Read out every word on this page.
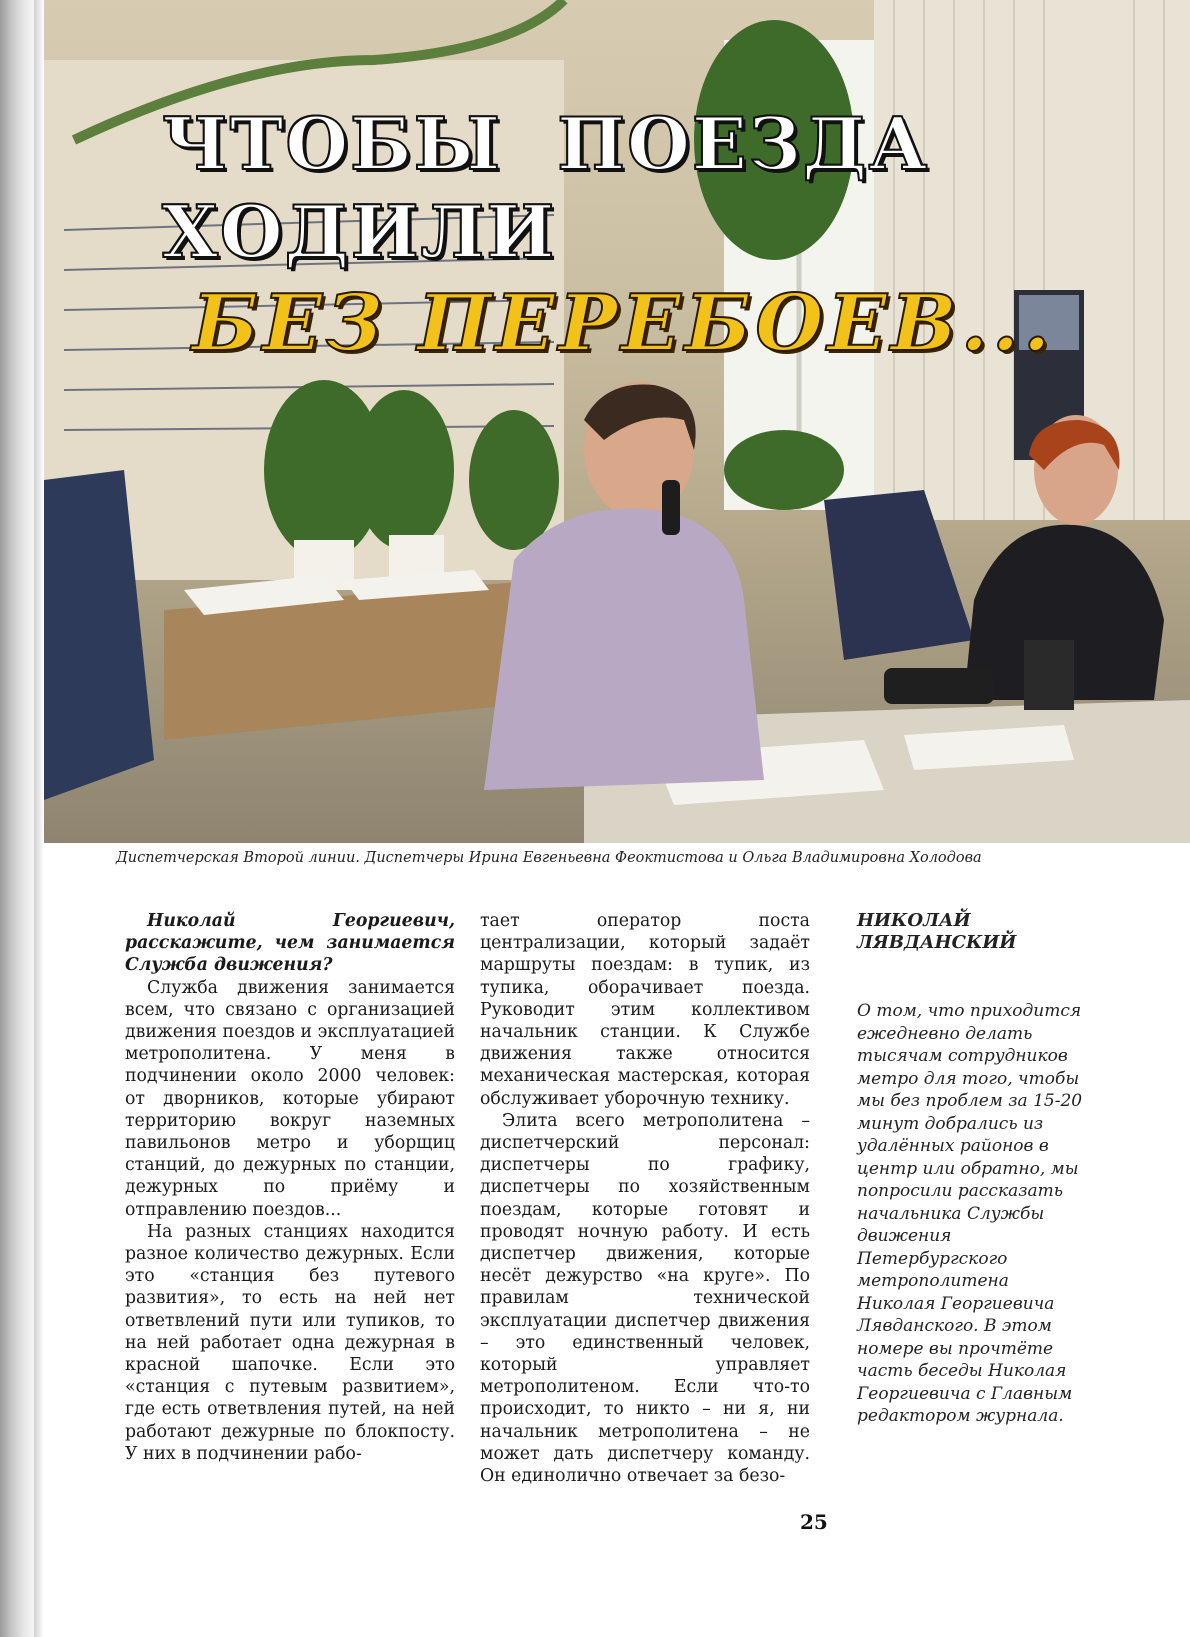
ЧТОБЫ ПОЕЗДА
ХОДИЛИ
БЕЗ ПЕРЕБОЕВ...
Диспетчерская Второй линии. Диспетчеры Ирина Евгеньевна Феоктистова и Ольга Владимировна Холодова

Николай Георгиевич, расскажите, чем занимается Служба движения?

Служба движения занимается всем, что связано с организацией движения поездов и эксплуатацией метрополитена. У меня в подчинении около 2000 человек: от дворников, которые убирают территорию вокруг наземных павильонов метро и уборщиц станций, до дежурных по станции, дежурных по приёму и отправлению поездов...

На разных станциях находится разное количество дежурных. Если это «станция без путевого развития», то есть на ней нет ответвлений пути или тупиков, то на ней работает одна дежурная в красной шапочке. Если это «станция с путевым развитием», где есть ответвления путей, на ней работают дежурные по блокпосту. У них в подчинении рабо-

тает оператор поста централизации, который задаёт маршруты поездам: в тупик, из тупика, оборачивает поезда. Руководит этим коллективом начальник станции. К Службе движения также относится механическая мастерская, которая обслуживает уборочную технику.

Элита всего метрополитена – диспетчерский персонал: диспетчеры по графику, диспетчеры по хозяйственным поездам, которые готовят и проводят ночную работу. И есть диспетчер движения, которые несёт дежурство «на круге». По правилам технической эксплуатации диспетчер движения – это единственный человек, который управляет метрополитеном. Если что-то происходит, то никто – ни я, ни начальник метрополитена – не может дать диспетчеру команду. Он единолично отвечает за безо-

НИКОЛАЙ ЛЯВДАНСКИЙ
О том, что приходится ежедневно делать тысячам сотрудников метро для того, чтобы мы без проблем за 15-20 минут добрались из удалённых районов в центр или обратно, мы попросили рассказать начальника Службы движения Петербургского метрополитена Николая Георгиевича Лявданского. В этом номере вы прочтёте часть беседы Николая Георгиевича с Главным редактором журнала.
25
